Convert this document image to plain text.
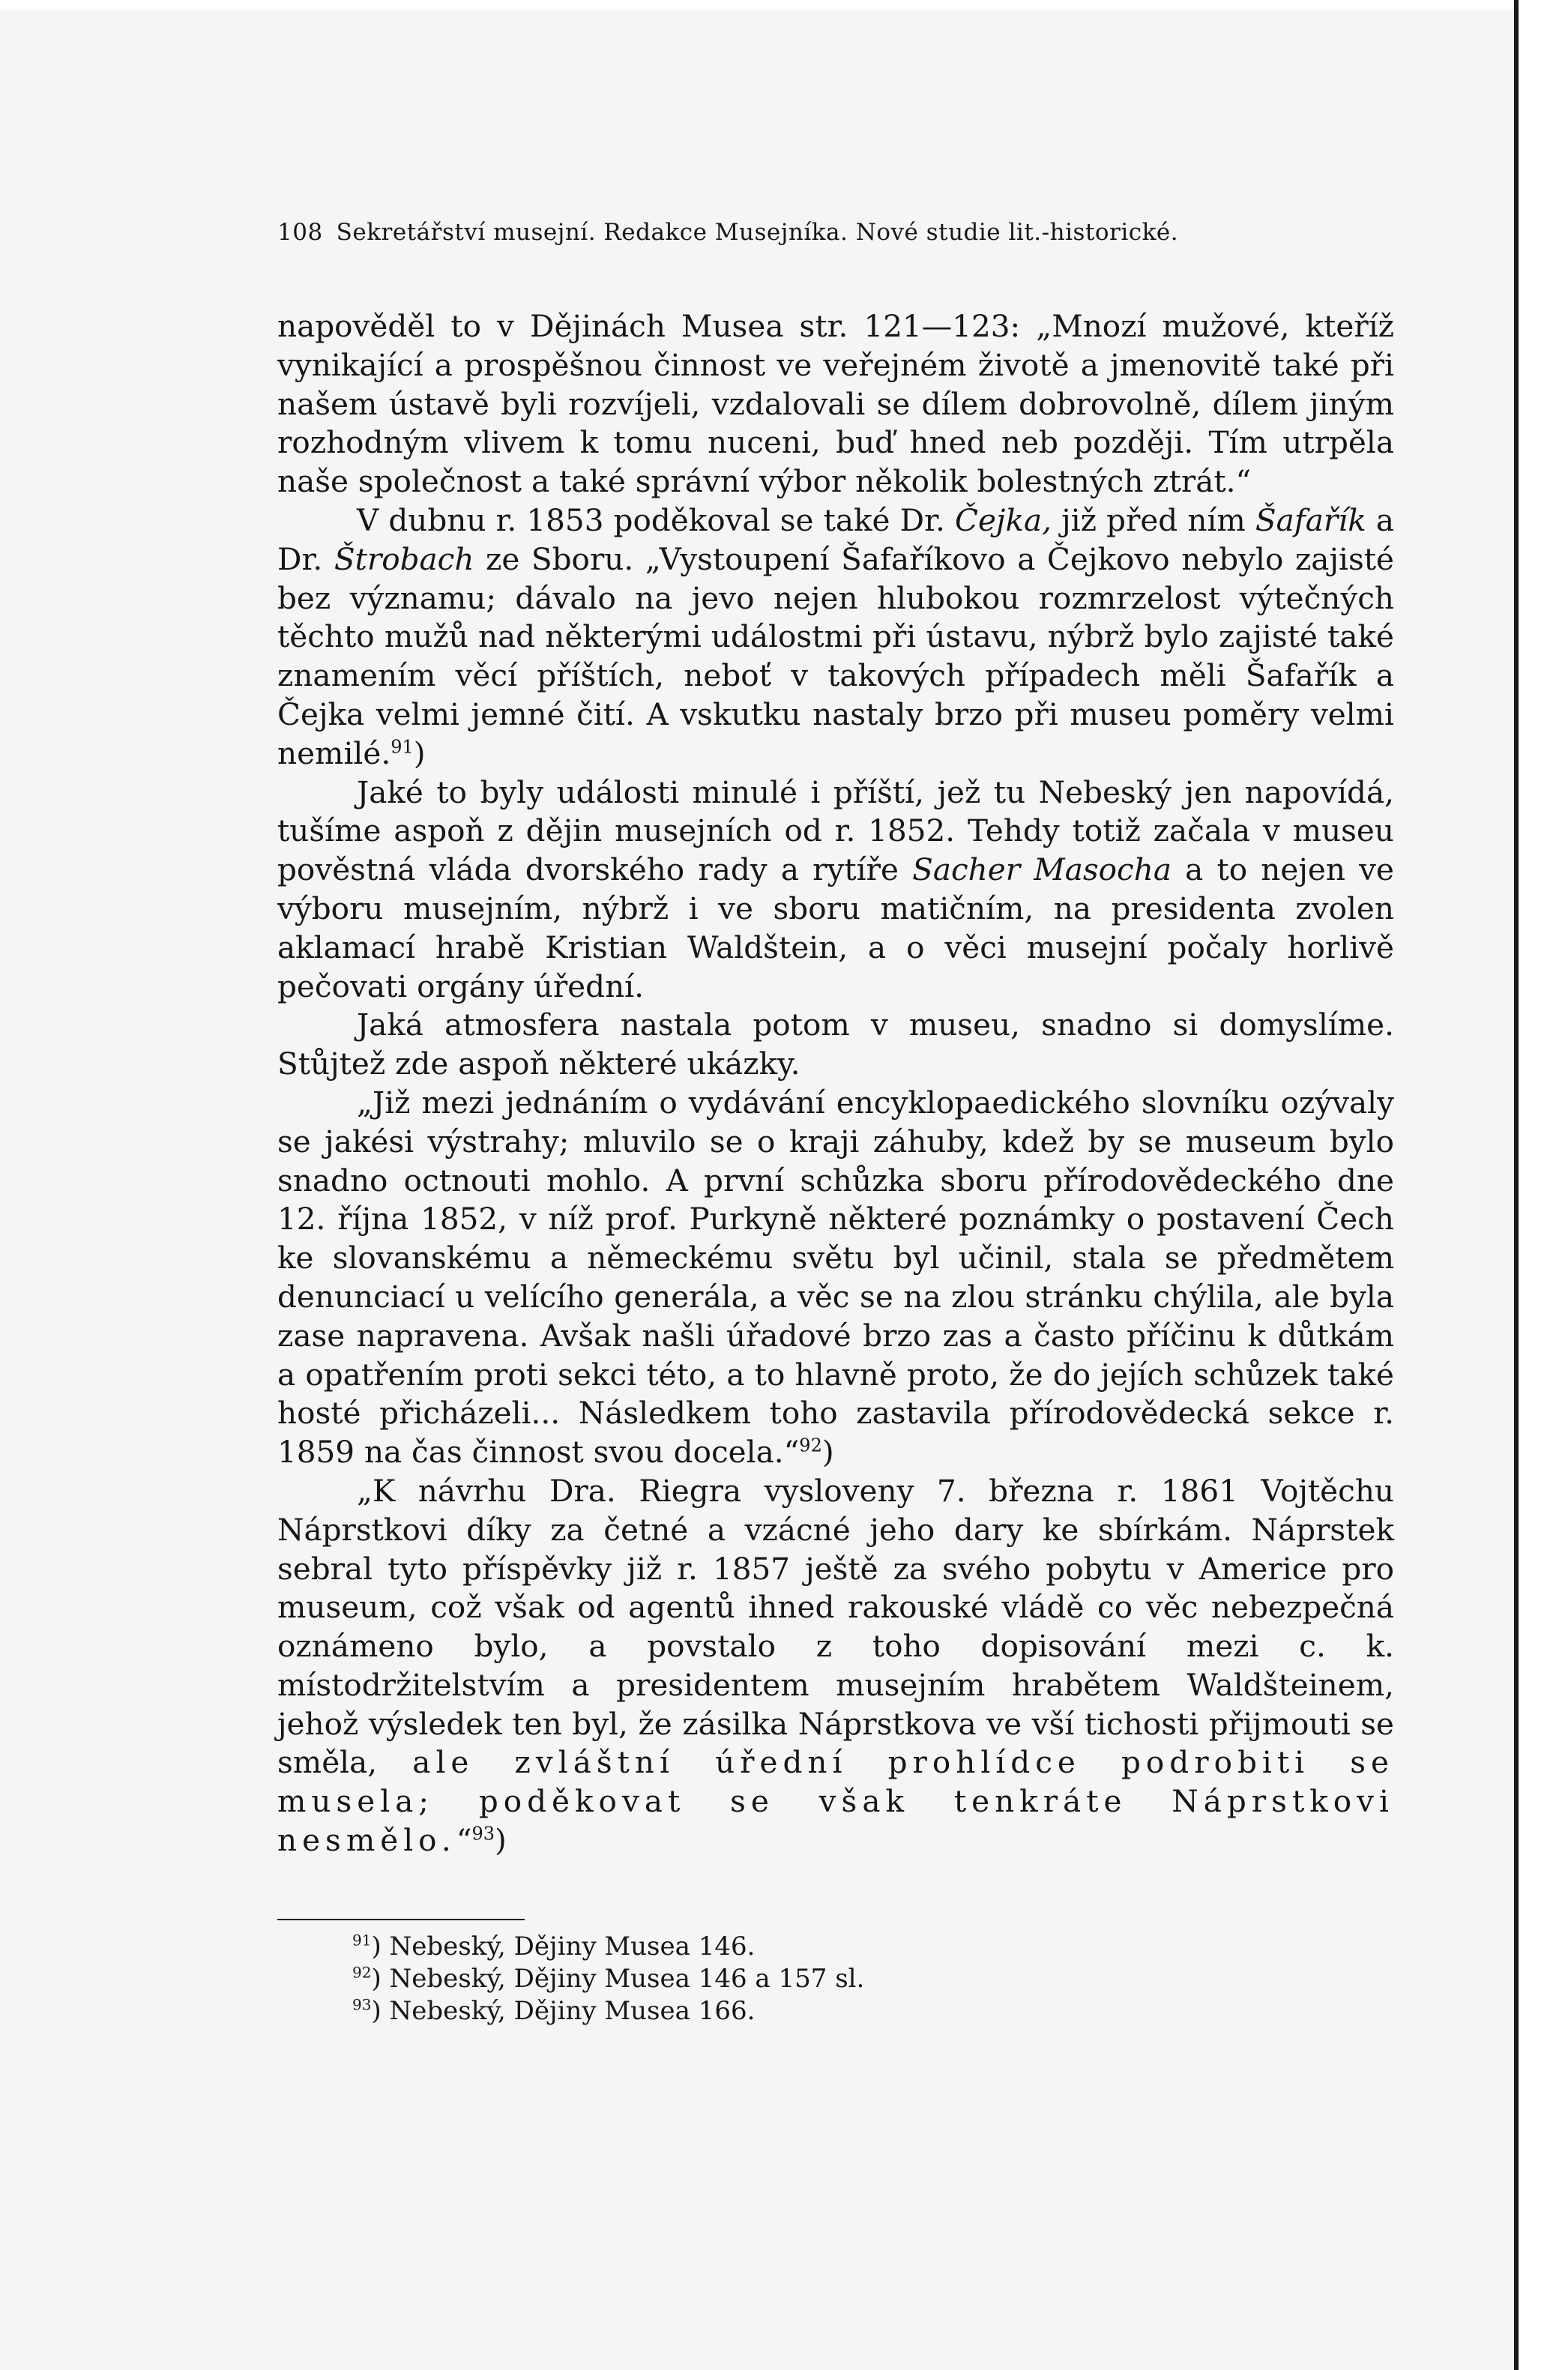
108 Sekretářství musejní. Redakce Musejníka. Nové studie lit.-historické.

napověděl to v Dějinách Musea str. 121—123: „Mnozí mužové, kteříž vynikající a prospěšnou činnost ve veřejném životě a jmenovitě také při našem ústavě byli rozvíjeli, vzdalovali se dílem dobrovolně, dílem jiným rozhodným vlivem k tomu nuceni, buď hned neb později. Tím utrpěla naše společnost a také správní výbor několik bolestných ztrát.“

V dubnu r. 1853 poděkoval se také Dr. Čejka, již před ním Šafařík a Dr. Štrobach ze Sboru. „Vystoupení Šafaříkovo a Čejkovo nebylo zajisté bez významu; dávalo na jevo nejen hlubokou rozmrzelost výtečných těchto mužů nad některými událostmi při ústavu, nýbrž bylo zajisté také znamením věcí příštích, neboť v takových případech měli Šafařík a Čejka velmi jemné čití. A vskutku nastaly brzo při museu poměry velmi nemilé.$^{91}$)

Jaké to byly události minulé i příští, jež tu Nebeský jen napovídá, tušíme aspoň z dějin musejních od r. 1852. Tehdy totiž začala v museu pověstná vláda dvorského rady a rytíře Sacher Masocha a to nejen ve výboru musejním, nýbrž i ve sboru matičním, na presidenta zvolen aklamací hrabě Kristian Waldštein, a o věci musejní počaly horlivě pečovati orgány úřední.

Jaká atmosfera nastala potom v museu, snadno si domyslíme. Stůjtež zde aspoň některé ukázky.

„Již mezi jednáním o vydávání encyklopaedického slovníku ozývaly se jakési výstrahy; mluvilo se o kraji záhuby, kdež by se museum bylo snadno octnouti mohlo. A první schůzka sboru přírodovědeckého dne 12. října 1852, v níž prof. Purkyně některé poznámky o postavení Čech ke slovanskému a německému světu byl učinil, stala se předmětem denunciací u velícího generála, a věc se na zlou stránku chýlila, ale byla zase napravena. Avšak našli úřadové brzo zas a často příčinu k důtkám a opatřením proti sekci této, a to hlavně proto, že do jejích schůzek také hosté přicházeli... Následkem toho zastavila přírodovědecká sekce r. 1859 na čas činnost svou docela.“$^{92}$)

„K návrhu Dra. Riegra vysloveny 7. března r. 1861 Vojtěchu Náprstkovi díky za četné a vzácné jeho dary ke sbírkám. Náprstek sebral tyto příspěvky již r. 1857 ještě za svého pobytu v Americe pro museum, což však od agentů ihned rakouské vládě co věc nebezpečná oznámeno bylo, a povstalo z toho dopisování mezi c. k. místodržitelstvím a presidentem musejním hrabětem Waldšteinem, jehož výsledek ten byl, že zásilka Náprstkova ve vší tichosti přijmouti se směla, ale zvláštní úřední prohlídce podrobiti se musela; poděkovat se však tenkráte Náprstkovi nesmělo.“$^{93}$)

$^{91}$) Nebeský, Dějiny Musea 146.
$^{92}$) Nebeský, Dějiny Musea 146 a 157 sl.
$^{93}$) Nebeský, Dějiny Musea 166.
